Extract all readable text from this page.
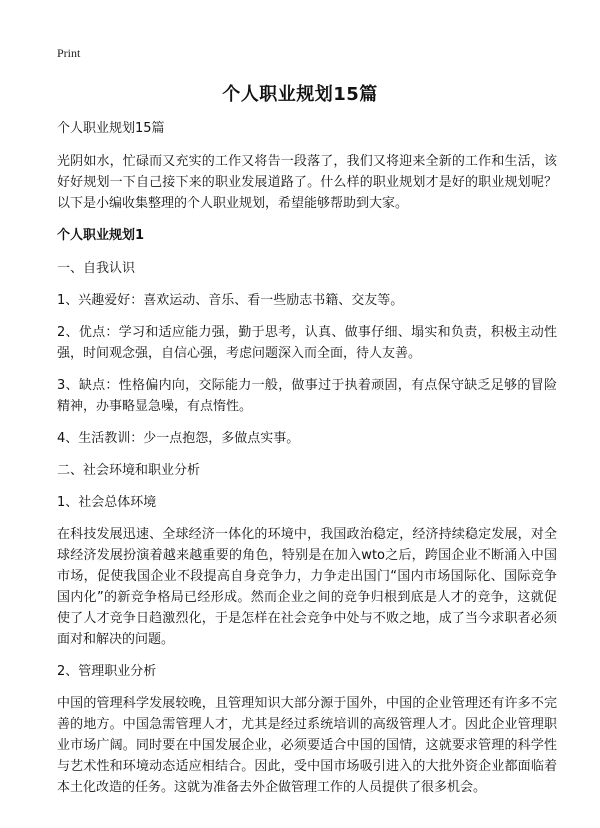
Print
个人职业规划15篇

个人职业规划15篇

光阴如水，忙碌而又充实的工作又将告一段落了，我们又将迎来全新的工作和生活，该好好规划一下自己接下来的职业发展道路了。什么样的职业规划才是好的职业规划呢？以下是小编收集整理的个人职业规划，希望能够帮助到大家。

个人职业规划1

一、自我认识

1、兴趣爱好：喜欢运动、音乐、看一些励志书籍、交友等。

2、优点：学习和适应能力强，勤于思考，认真、做事仔细、塌实和负责，积极主动性强，时间观念强，自信心强，考虑问题深入而全面，待人友善。

3、缺点：性格偏内向，交际能力一般，做事过于执着顽固，有点保守缺乏足够的冒险精神，办事略显急噪，有点惰性。

4、生活教训：少一点抱怨，多做点实事。

二、社会环境和职业分析

1、社会总体环境

在科技发展迅速、全球经济一体化的环境中，我国政治稳定，经济持续稳定发展，对全球经济发展扮演着越来越重要的角色，特别是在加入wto之后，跨国企业不断涌入中国市场，促使我国企业不段提高自身竞争力，力争走出国门“国内市场国际化、国际竞争国内化”的新竞争格局已经形成。然而企业之间的竞争归根到底是人才的竞争，这就促使了人才竞争日趋激烈化，于是怎样在社会竞争中处与不败之地，成了当今求职者必须面对和解决的问题。

2、管理职业分析

中国的管理科学发展较晚，且管理知识大部分源于国外，中国的企业管理还有许多不完善的地方。中国急需管理人才，尤其是经过系统培训的高级管理人才。因此企业管理职业市场广阔。同时要在中国发展企业，必须要适合中国的国情，这就要求管理的科学性与艺术性和环境动态适应相结合。因此，受中国市场吸引进入的大批外资企业都面临着本土化改造的任务。这就为准备去外企做管理工作的人员提供了很多机会。
